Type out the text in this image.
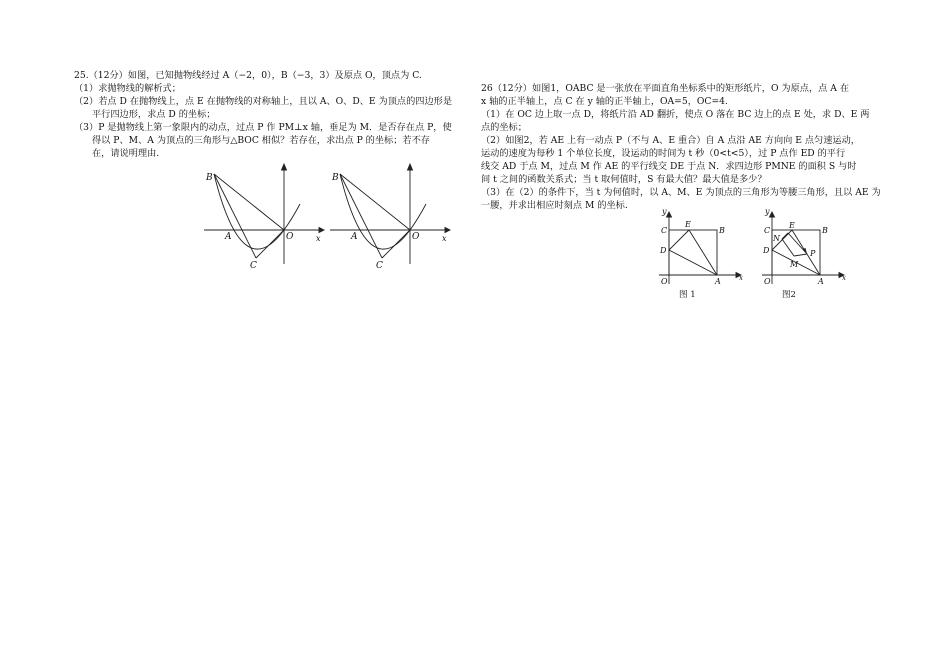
25.（12分）如图，已知抛物线经过 A（−2，0），B（−3，3）及原点 O，顶点为 C.
（1）求抛物线的解析式；
（2）若点 D 在抛物线上，点 E 在抛物线的对称轴上，且以 A、O、D、E 为顶点的四边形是
平行四边形，求点 D 的坐标；
（3）P 是抛物线上第一象限内的动点，过点 P 作 PM⊥x 轴，垂足为 M．是否存在点 P，使
得以 P、M、A 为顶点的三角形与△BOC 相似？若存在，求出点 P 的坐标；若不存
在，请说明理由.
B
A	O	x
C
B
A	O	x
C
26（12分）如图1，OABC 是一张放在平面直角坐标系中的矩形纸片，O 为原点，点 A 在
x 轴的正半轴上，点 C 在 y 轴的正半轴上，OA=5，OC=4.
（1）在 OC 边上取一点 D，将纸片沿 AD 翻折，使点 O 落在 BC 边上的点 E 处，求 D、E 两
点的坐标；
（2）如图2，若 AE 上有一动点 P（不与 A、E 重合）自 A 点沿 AE 方向向 E 点匀速运动，
运动的速度为每秒 1 个单位长度，设运动的时间为 t 秒（0<t<5），过 P 点作 ED 的平行
线交 AD 于点 M，过点 M 作 AE 的平行线交 DE 于点 N．求四边形 PMNE 的面积 S 与时
间 t 之间的函数关系式；当 t 取何值时，S 有最大值？最大值是多少？
（3）在（2）的条件下，当 t 为何值时，以 A、M、E 为顶点的三角形为等腰三角形，且以 AE 为
一腰，并求出相应时刻点 M 的坐标.
y
C
E
B
D
O	A	x
图 1
y
C
E
B
N
D	P
M
O	A	x
图2
